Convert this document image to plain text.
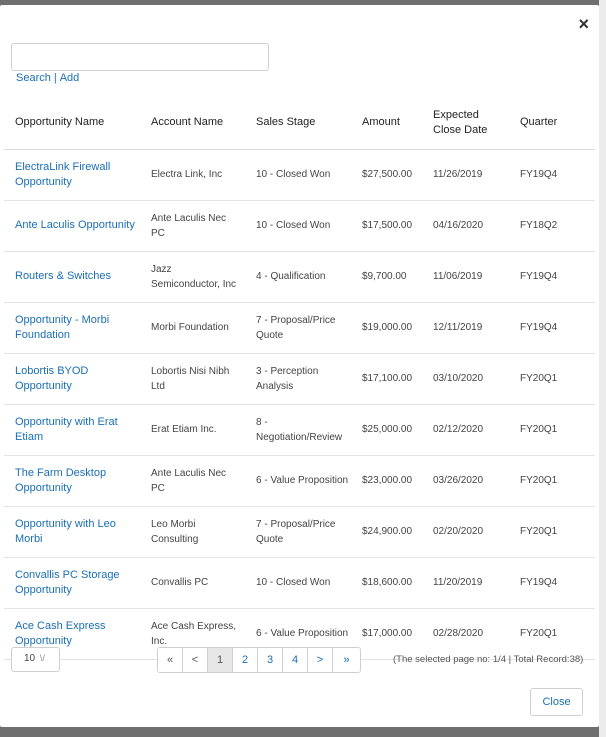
×
Search | Add
Opportunity Name	Account Name	Sales Stage	Amount	Expected Close Date	Quarter
ElectraLink Firewall Opportunity	Electra Link, Inc	10 - Closed Won	$27,500.00	11/26/2019	FY19Q4
Ante Laculis Opportunity	Ante Laculis Nec PC	10 - Closed Won	$17,500.00	04/16/2020	FY18Q2
Routers & Switches	Jazz Semiconductor, Inc	4 - Qualification	$9,700.00	11/06/2019	FY19Q4
Opportunity - Morbi Foundation	Morbi Foundation	7 - Proposal/Price Quote	$19,000.00	12/11/2019	FY19Q4
Lobortis BYOD Opportunity	Lobortis Nisi Nibh Ltd	3 - Perception Analysis	$17,100.00	03/10/2020	FY20Q1
Opportunity with Erat Etiam	Erat Etiam Inc.	8 - Negotiation/Review	$25,000.00	02/12/2020	FY20Q1
The Farm Desktop Opportunity	Ante Laculis Nec PC	6 - Value Proposition	$23,000.00	03/26/2020	FY20Q1
Opportunity with Leo Morbi	Leo Morbi Consulting	7 - Proposal/Price Quote	$24,900.00	02/20/2020	FY20Q1
Convallis PC Storage Opportunity	Convallis PC	10 - Closed Won	$18,600.00	11/20/2019	FY19Q4
Ace Cash Express Opportunity	Ace Cash Express, Inc.	6 - Value Proposition	$17,000.00	02/28/2020	FY20Q1
10 \/	«	<	1	2	3	4	>	»	(The selected page no: 1/4 | Total Record:38)
Close
